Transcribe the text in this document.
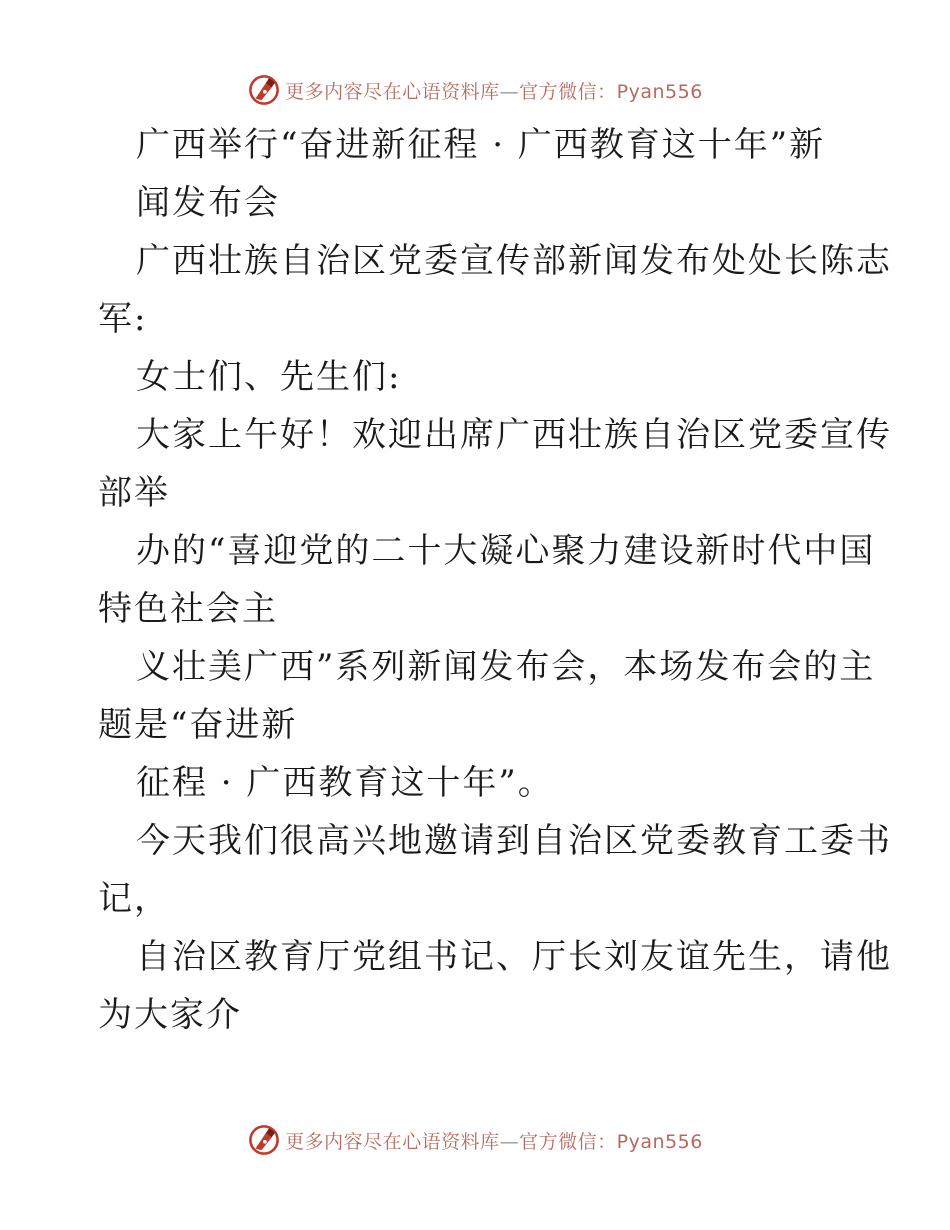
更多内容尽在心语资料库—官方微信：Pyan556

广西举行“奋进新征程 · 广西教育这十年”新

闻发布会

广西壮族自治区党委宣传部新闻发布处处长陈志

军:

女士们、先生们:

大家上午好！欢迎出席广西壮族自治区党委宣传

部举

办的“喜迎党的二十大凝心聚力建设新时代中国

特色社会主

义壮美广西”系列新闻发布会，本场发布会的主

题是“奋进新

征程 · 广西教育这十年”。

今天我们很高兴地邀请到自治区党委教育工委书

记，

自治区教育厅党组书记、厅长刘友谊先生，请他

为大家介

更多内容尽在心语资料库—官方微信：Pyan556
